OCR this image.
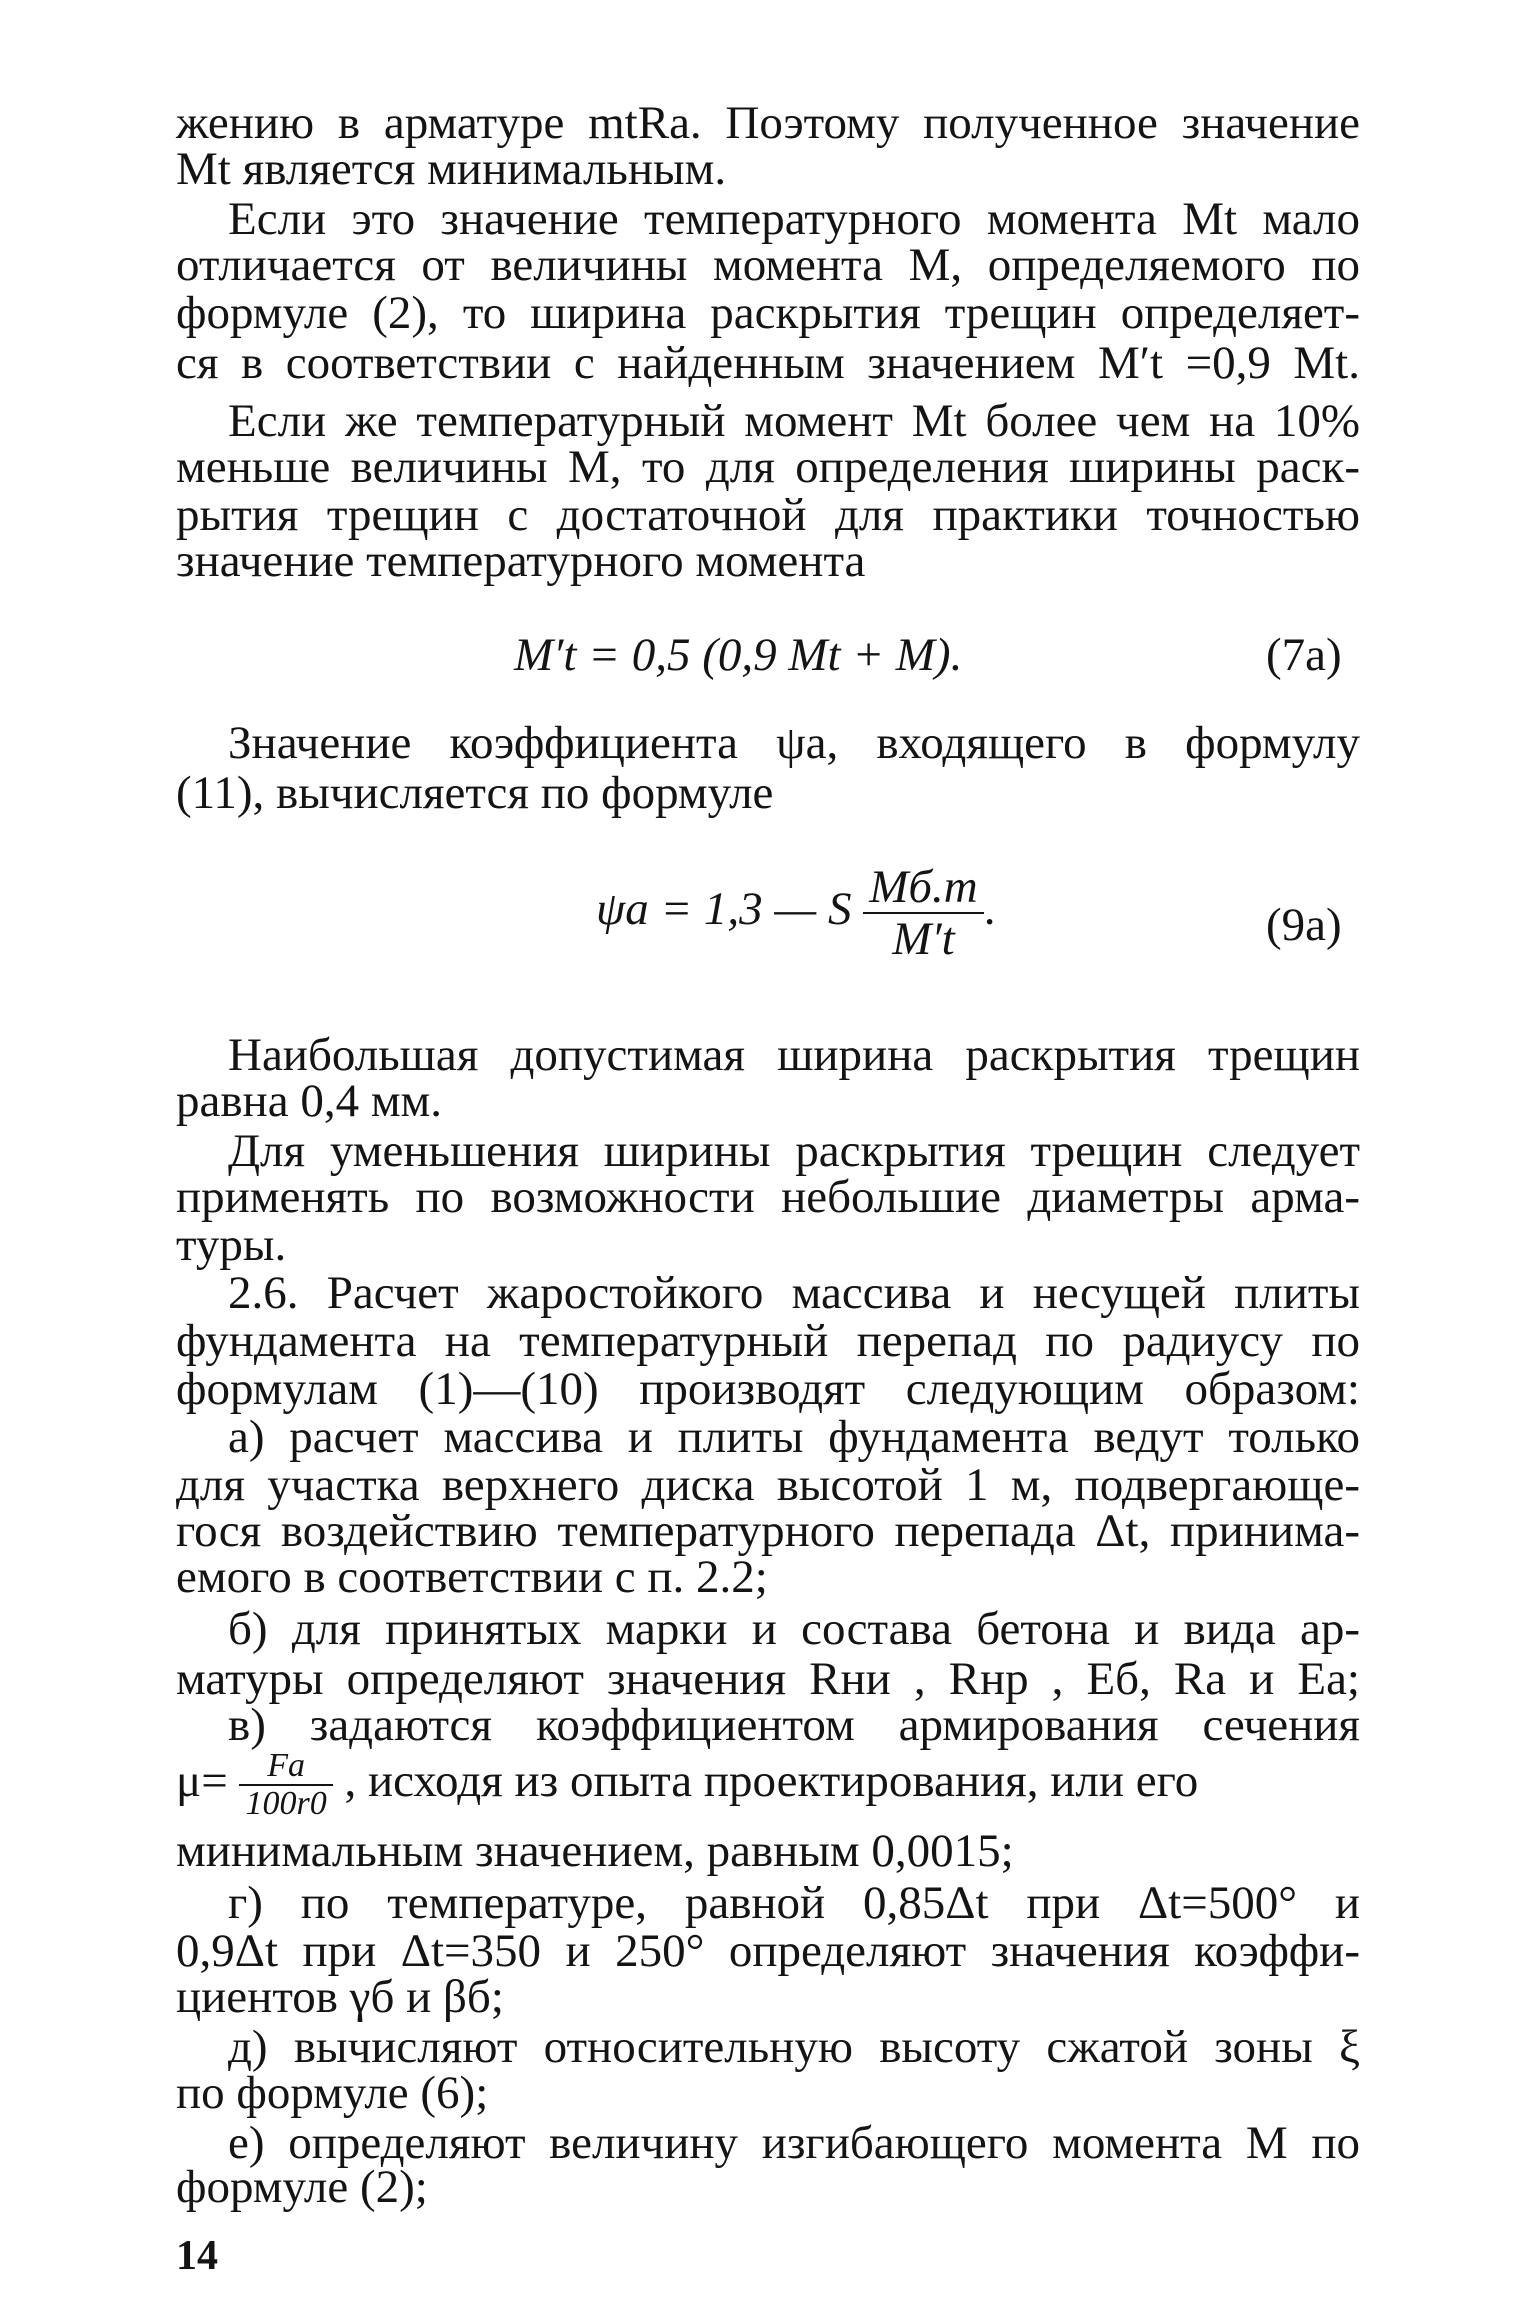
жению в арматуре mtRa. Поэтому полученное значение
Mt является минимальным.
Если это значение температурного момента Mt мало
отличается от величины момента M, определяемого по
формуле (2), то ширина раскрытия трещин определяет-
ся в соответствии с найденным значением M′t =0,9 Mt.
Если же температурный момент Mt более чем на 10%
меньше величины M, то для определения ширины раск-
рытия трещин с достаточной для практики точностью
значение температурного момента
M′t = 0,5 (0,9 Mt + M).	(7a)
Значение коэффициента ψa, входящего в формулу
(11), вычисляется по формуле
ψa = 1,3 — S $\frac{Mб.т}{M't}$ .	(9a)
Наибольшая допустимая ширина раскрытия трещин
равна 0,4 мм.
Для уменьшения ширины раскрытия трещин следует
применять по возможности небольшие диаметры арма-
туры.
2.6. Расчет жаростойкого массива и несущей плиты
фундамента на температурный перепад по радиусу по
формулам (1)—(10) производят следующим образом:
а) расчет массива и плиты фундамента ведут только
для участка верхнего диска высотой 1 м, подвергающе-
гося воздействию температурного перепада Δt, принима-
емого в соответствии с п. 2.2;
б) для принятых марки и состава бетона и вида ар-
матуры определяют значения Rни , Rнр , Eб, Ra и Ea;
в) задаются коэффициентом армирования сечения
$\mu= \frac{Fa}{100r0}$ , исходя из опыта проектирования, или его
минимальным значением, равным 0,0015;
г) по температуре, равной 0,85Δt при Δt=500° и
0,9Δt при Δt=350 и 250° определяют значения коэффи-
циентов γб и βб;
д) вычисляют относительную высоту сжатой зоны ξ
по формуле (6);
е) определяют величину изгибающего момента M по
формуле (2);
14
